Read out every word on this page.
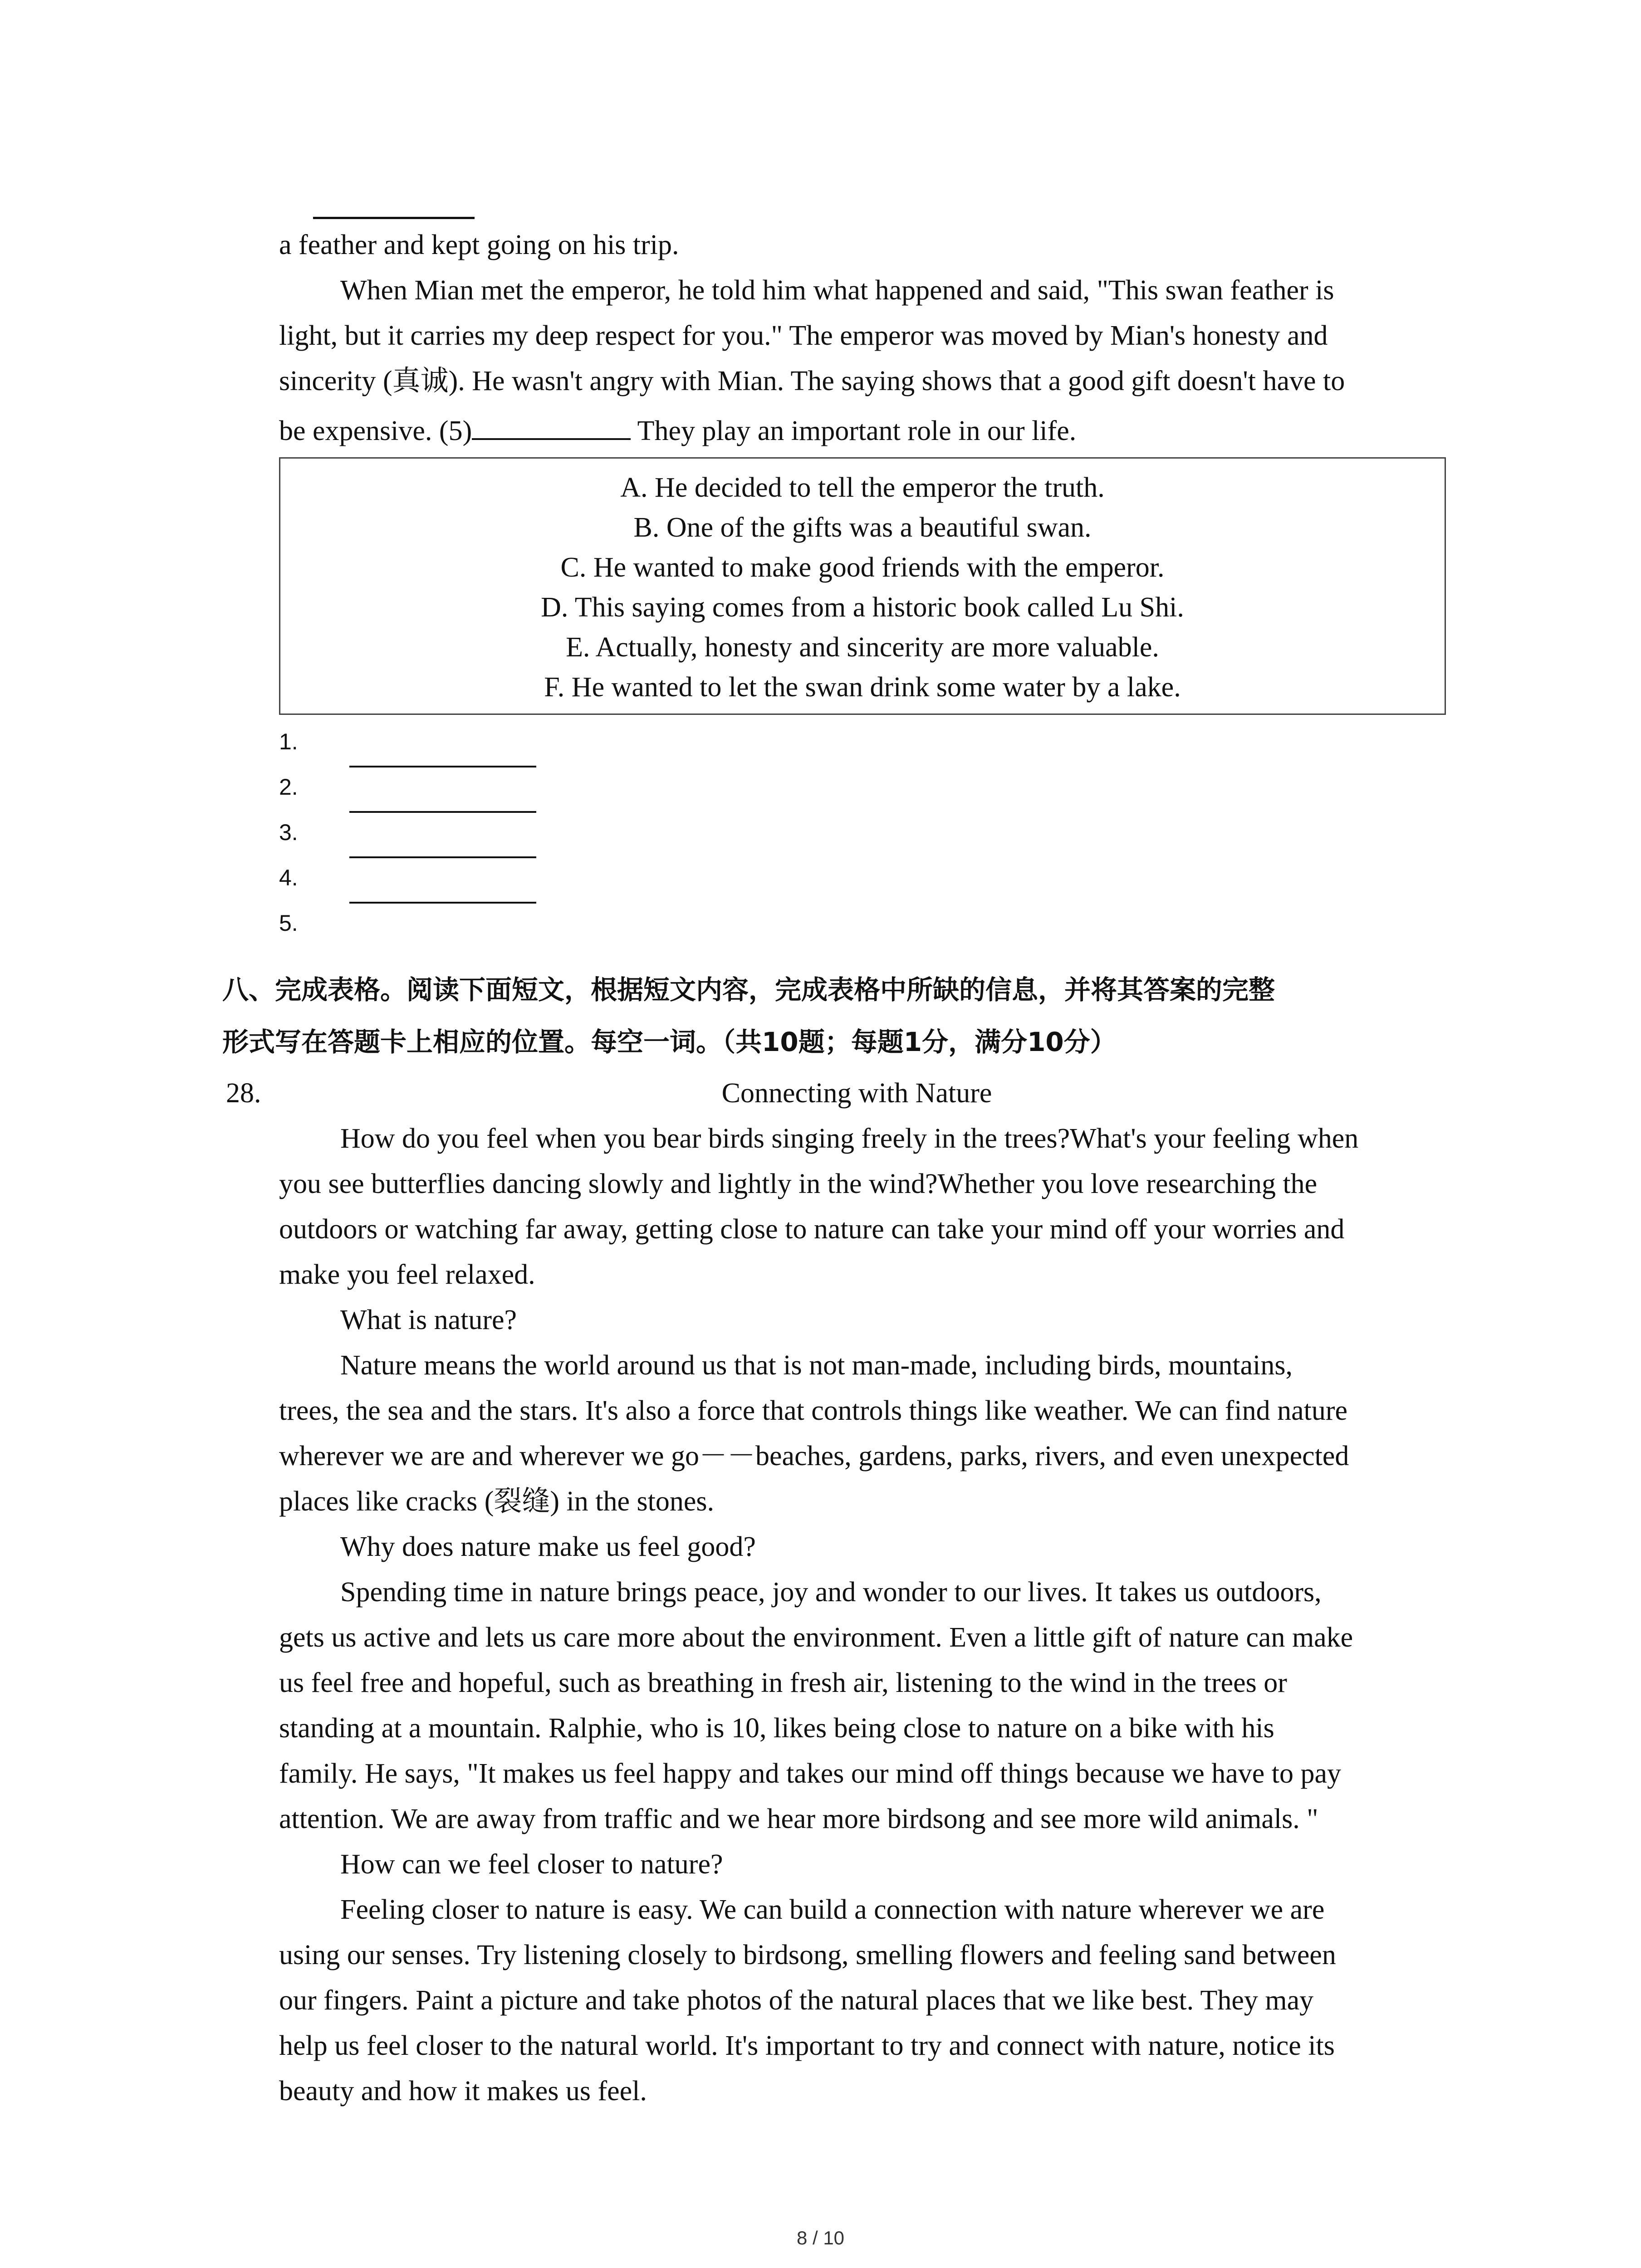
a feather and kept going on his trip.
When Mian met the emperor, he told him what happened and said, "This swan feather is
light, but it carries my deep respect for you." The emperor was moved by Mian's honesty and
sincerity (真诚). He wasn't angry with Mian. The saying shows that a good gift doesn't have to
be expensive. (5)	They play an important role in our life.
A. He decided to tell the emperor the truth.
B. One of the gifts was a beautiful swan.
C. He wanted to make good friends with the emperor.
D. This saying comes from a historic book called Lu Shi.
E. Actually, honesty and sincerity are more valuable.
F. He wanted to let the swan drink some water by a lake.
1.
2.
3.
4.
5.
八、完成表格。阅读下面短文，根据短文内容，完成表格中所缺的信息，并将其答案的完整
形式写在答题卡上相应的位置。每空一词。（共10题；每题1分，满分10分）
28.	Connecting with Nature
How do you feel when you bear birds singing freely in the trees?What's your feeling when
you see butterflies dancing slowly and lightly in the wind?Whether you love researching the
outdoors or watching far away, getting close to nature can take your mind off your worries and
make you feel relaxed.
What is nature?
Nature means the world around us that is not man-made, including birds, mountains,
trees, the sea and the stars. It's also a force that controls things like weather. We can find nature
wherever we are and wherever we go－－beaches, gardens, parks, rivers, and even unexpected
places like cracks (裂缝) in the stones.
Why does nature make us feel good?
Spending time in nature brings peace, joy and wonder to our lives. It takes us outdoors,
gets us active and lets us care more about the environment. Even a little gift of nature can make
us feel free and hopeful, such as breathing in fresh air, listening to the wind in the trees or
standing at a mountain. Ralphie, who is 10, likes being close to nature on a bike with his
family. He says, "It makes us feel happy and takes our mind off things because we have to pay
attention. We are away from traffic and we hear more birdsong and see more wild animals. "
How can we feel closer to nature?
Feeling closer to nature is easy. We can build a connection with nature wherever we are
using our senses. Try listening closely to birdsong, smelling flowers and feeling sand between
our fingers. Paint a picture and take photos of the natural places that we like best. They may
help us feel closer to the natural world. It's important to try and connect with nature, notice its
beauty and how it makes us feel.
8 / 10
